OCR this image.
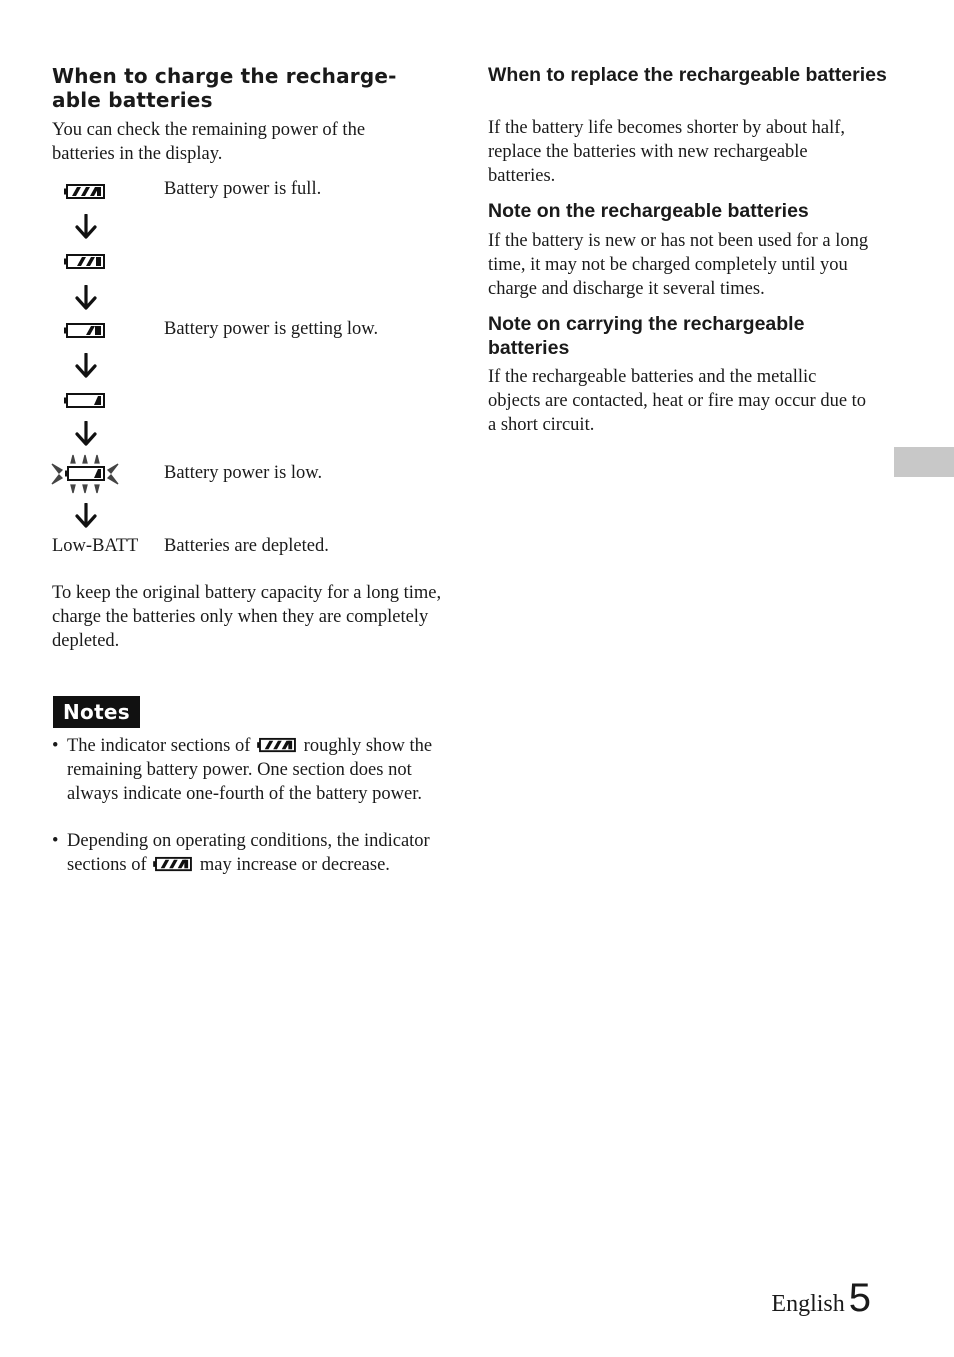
When to charge the recharge-
able batteries

You can check the remaining power of the batteries in the display.

Battery power is full.

Battery power is getting low.

Battery power is low.

Low-BATT Batteries are depleted.

To keep the original battery capacity for a long time, charge the batteries only when they are completely depleted.

Notes
• The indicator sections of	roughly show the remaining battery power. One section does not always indicate one-fourth of the battery power.
• Depending on operating conditions, the indicator sections of	may increase or decrease.
When to replace the rechargeable batteries

If the battery life becomes shorter by about half, replace the batteries with new rechargeable batteries.

Note on the rechargeable batteries

If the battery is new or has not been used for a long time, it may not be charged completely until you charge and discharge it several times.

Note on carrying the rechargeable batteries

If the rechargeable batteries and the metallic objects are contacted, heat or fire may occur due to a short circuit.

English 5
